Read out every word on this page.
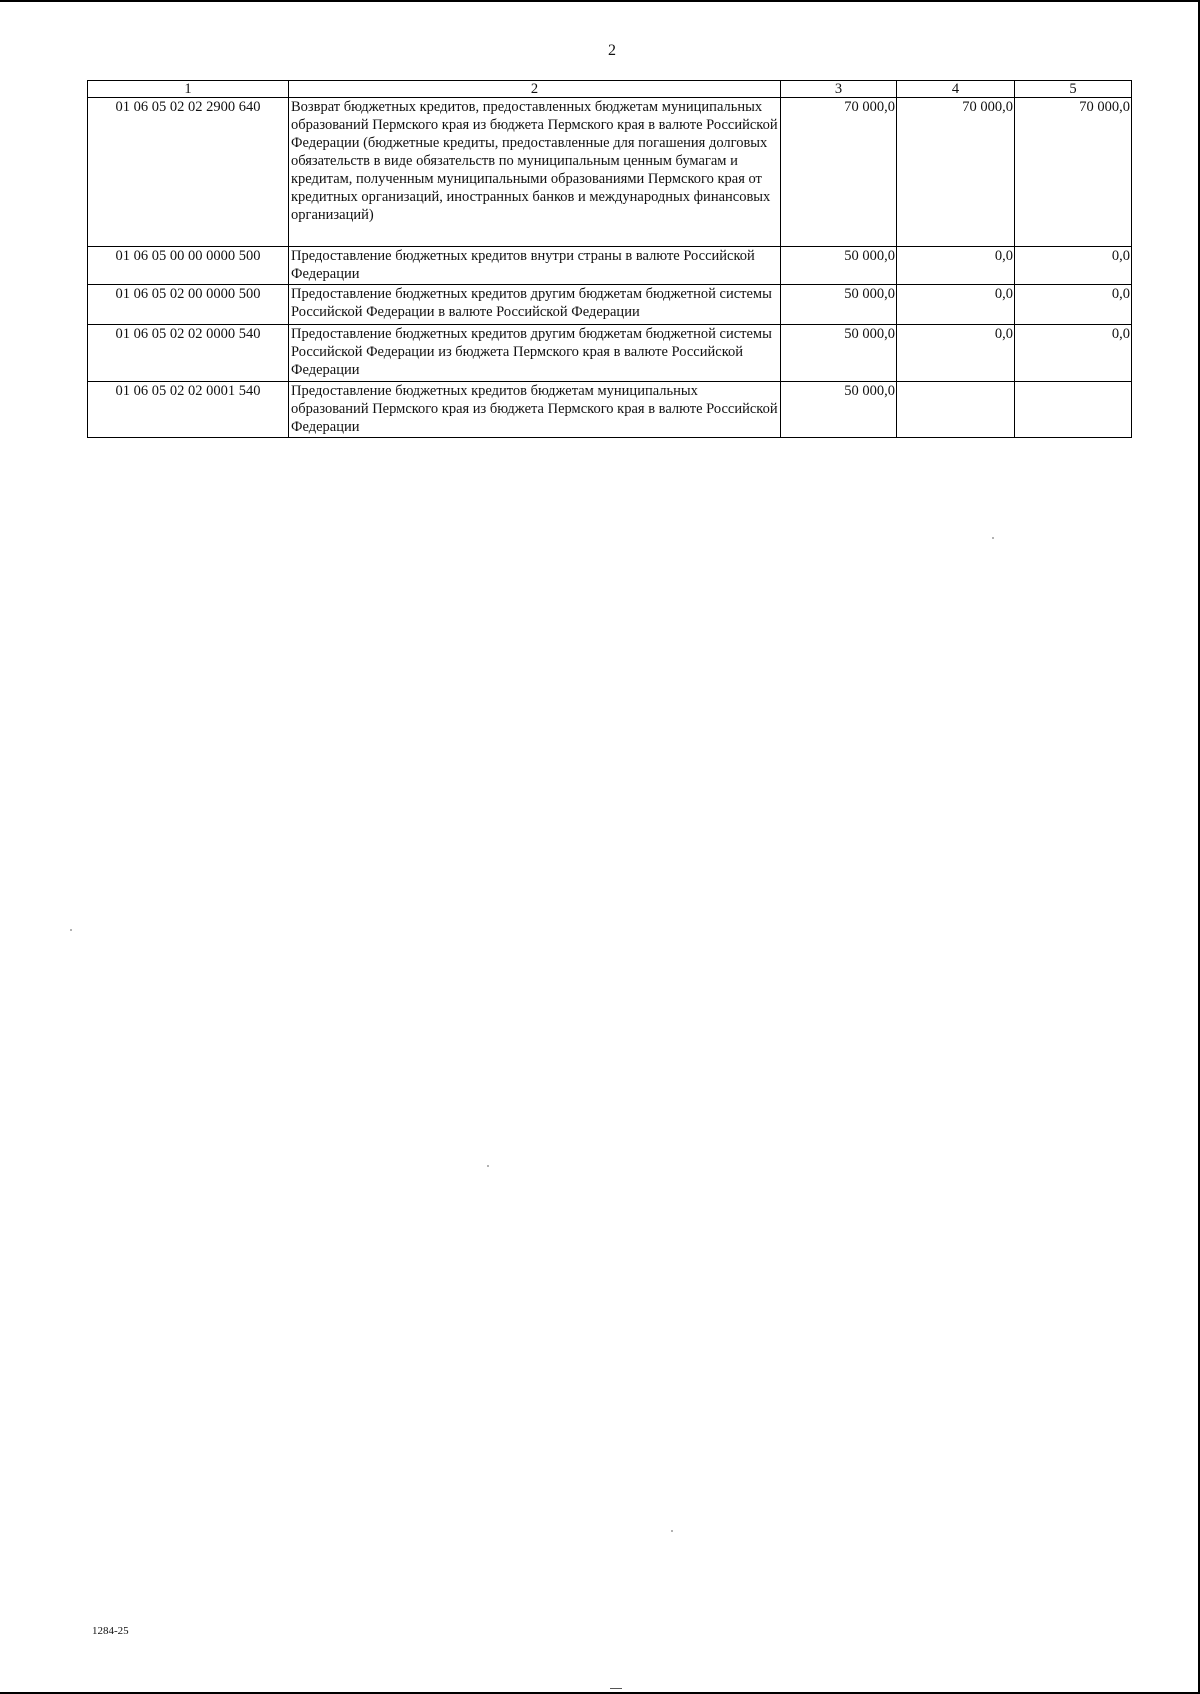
2
1	2	3	4	5
01 06 05 02 02 2900 640	Возврат бюджетных кредитов, предоставленных бюджетам муниципальных образований Пермского края из бюджета Пермского края в валюте Российской Федерации (бюджетные кредиты, предоставленные для погашения долговых обязательств в виде обязательств по муниципальным ценным бумагам и кредитам, полученным муниципальными образованиями Пермского края от кредитных организаций, иностранных банков и международных финансовых организаций)	70 000,0	70 000,0	70 000,0
01 06 05 00 00 0000 500	Предоставление бюджетных кредитов внутри страны в валюте Российской Федерации	50 000,0	0,0	0,0
01 06 05 02 00 0000 500	Предоставление бюджетных кредитов другим бюджетам бюджетной системы Российской Федерации в валюте Российской Федерации	50 000,0	0,0	0,0
01 06 05 02 02 0000 540	Предоставление бюджетных кредитов другим бюджетам бюджетной системы Российской Федерации из бюджета Пермского края в валюте Российской Федерации	50 000,0	0,0	0,0
01 06 05 02 02 0001 540	Предоставление бюджетных кредитов бюджетам муниципальных образований Пермского края из бюджета Пермского края в валюте Российской Федерации	50 000,0		
1284-25
